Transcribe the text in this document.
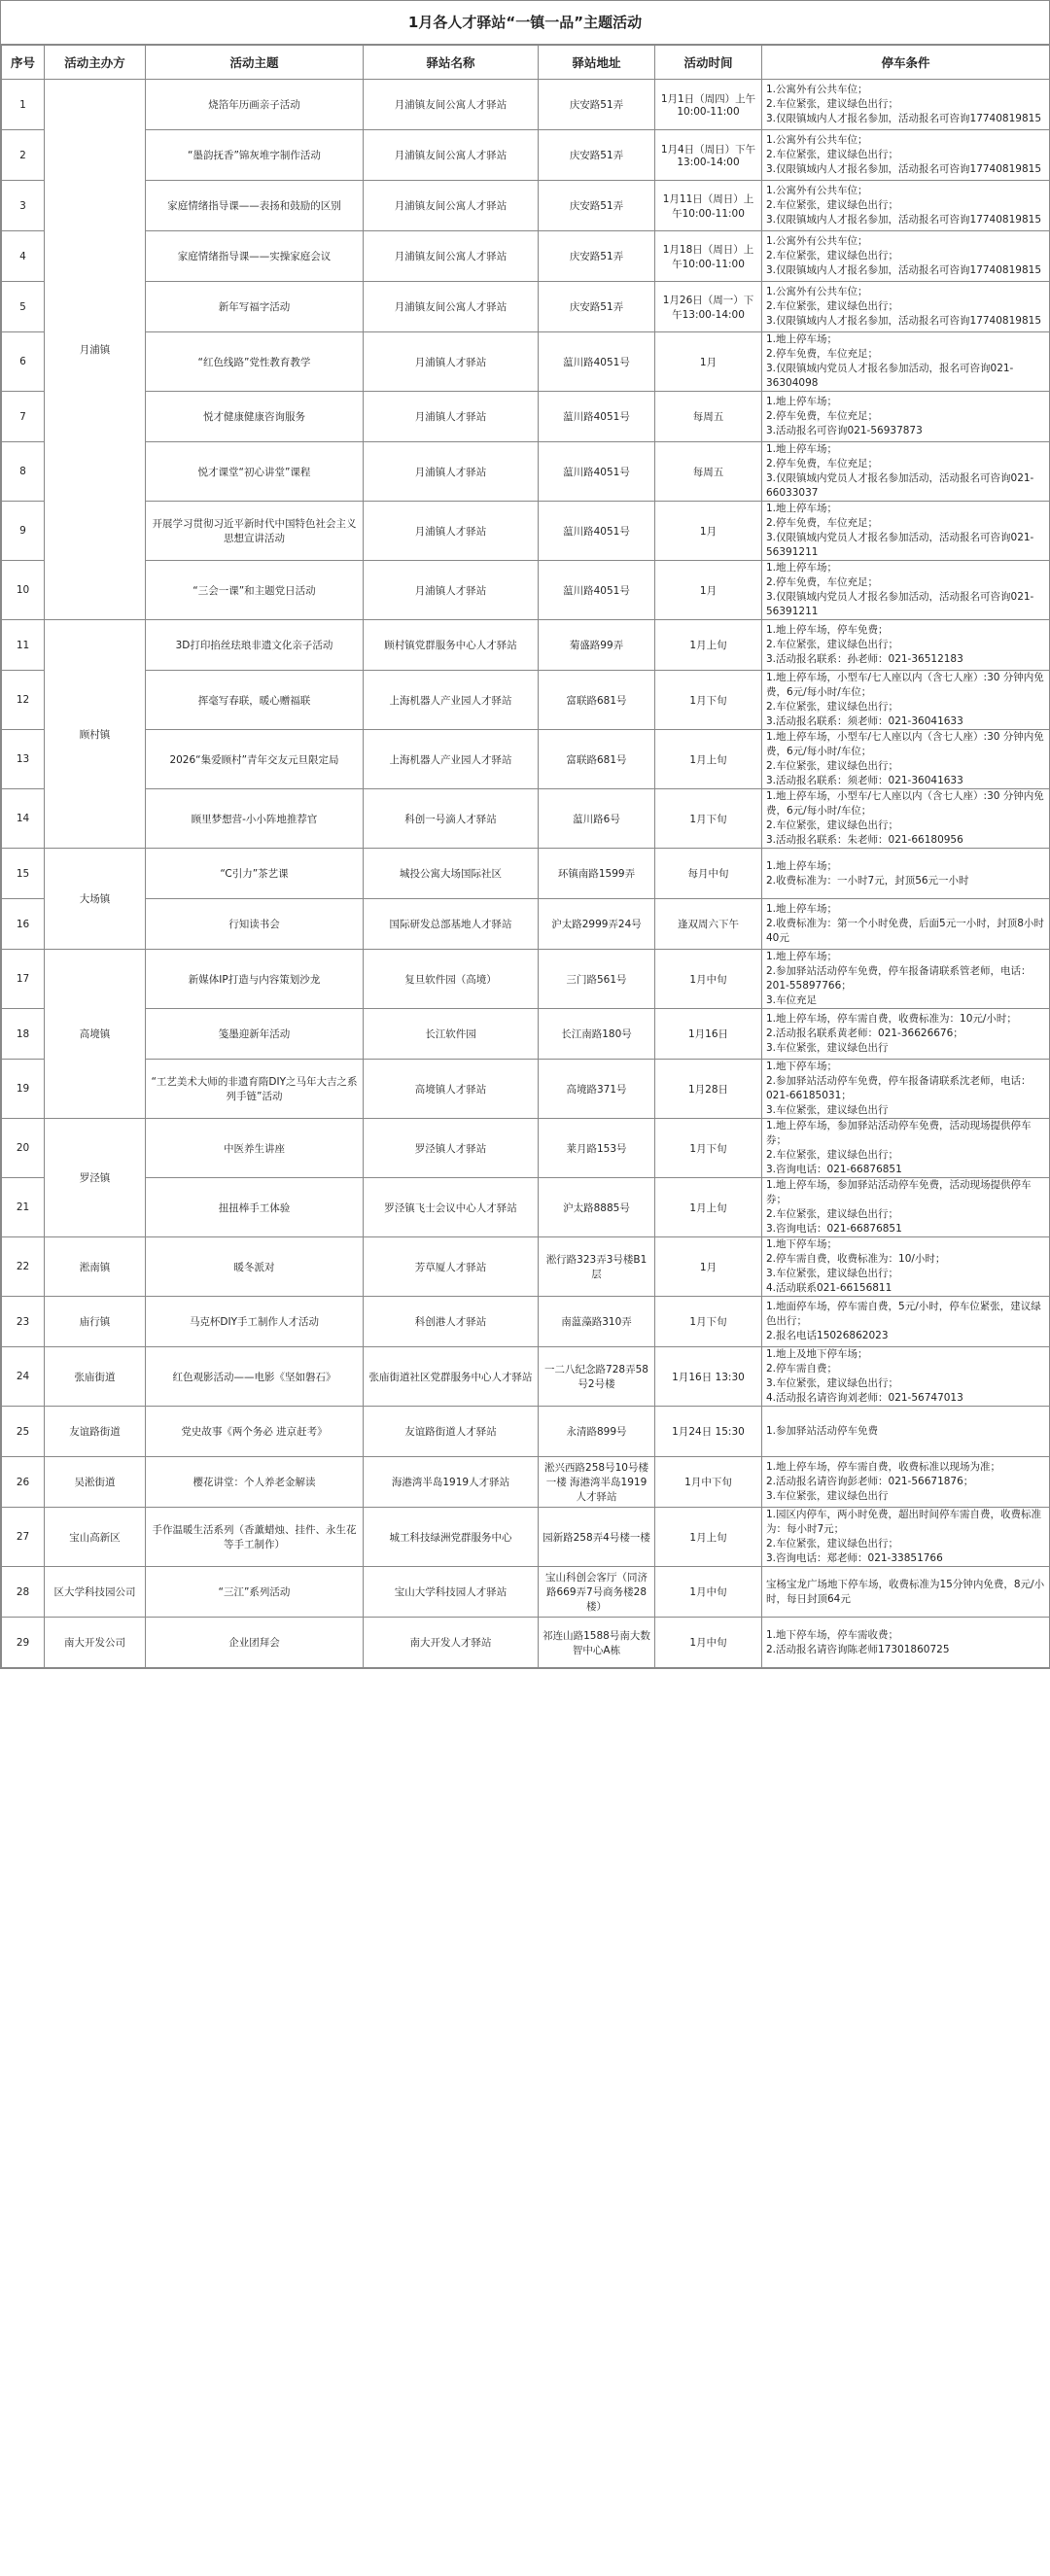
1月各人才驿站“一镇一品”主题活动
序号	活动主办方	活动主题	驿站名称	驿站地址	活动时间	停车条件
1	月浦镇	烧箔年历画亲子活动	月浦镇友间公寓人才驿站	庆安路51弄	1月1日（周四）上午10:00-11:00	1.公寓外有公共车位；
2.车位紧张，建议绿色出行；
3.仅限镇域内人才报名参加，活动报名可咨询17740819815

2		“墨韵抚香”锦灰堆字制作活动	月浦镇友间公寓人才驿站	庆安路51弄	1月4日（周日）下午13:00-14:00	1.公寓外有公共车位；
2.车位紧张，建议绿色出行；
3.仅限镇域内人才报名参加，活动报名可咨询17740819815

3		家庭情绪指导课——表扬和鼓励的区别	月浦镇友间公寓人才驿站	庆安路51弄	1月11日（周日）上午10:00-11:00	1.公寓外有公共车位；
2.车位紧张，建议绿色出行；
3.仅限镇域内人才报名参加，活动报名可咨询17740819815

4		家庭情绪指导课——实操家庭会议	月浦镇友间公寓人才驿站	庆安路51弄	1月18日（周日）上午10:00-11:00	1.公寓外有公共车位；
2.车位紧张，建议绿色出行；
3.仅限镇域内人才报名参加，活动报名可咨询17740819815

5		新年写福字活动	月浦镇友间公寓人才驿站	庆安路51弄	1月26日（周一）下午13:00-14:00	1.公寓外有公共车位；
2.车位紧张，建议绿色出行；
3.仅限镇域内人才报名参加，活动报名可咨询17740819815

6		“红色线路”党性教育教学	月浦镇人才驿站	蕰川路4051号	1月	1.地上停车场；
2.停车免费，车位充足；
3.仅限镇域内党员人才报名参加活动，报名可咨询021-36304098

7		悦才健康健康咨询服务	月浦镇人才驿站	蕰川路4051号	每周五	1.地上停车场；
2.停车免费，车位充足；
3.活动报名可咨询021-56937873

8		悦才课堂“初心讲堂”课程	月浦镇人才驿站	蕰川路4051号	每周五	1.地上停车场；
2.停车免费，车位充足；
3.仅限镇域内党员人才报名参加活动，活动报名可咨询021-66033037

9		开展学习贯彻习近平新时代中国特色社会主义思想宣讲活动	月浦镇人才驿站	蕰川路4051号	1月	1.地上停车场；
2.停车免费，车位充足；
3.仅限镇域内党员人才报名参加活动，活动报名可咨询021-56391211

10		“三会一课”和主题党日活动	月浦镇人才驿站	蕰川路4051号	1月	1.地上停车场；
2.停车免费，车位充足；
3.仅限镇域内党员人才报名参加活动，活动报名可咨询021-56391211

11	顾村镇	3D打印掐丝珐琅非遗文化亲子活动	顾村镇党群服务中心人才驿站	菊盛路99弄	1月上旬	1.地上停车场，停车免费；
2.车位紧张，建议绿色出行；
3.活动报名联系：孙老师：021-36512183

12		挥毫写春联，暖心赠福联	上海机器人产业园人才驿站	富联路681号	1月下旬	1.地上停车场，小型车/七人座以内（含七人座）:30 分钟内免费，6元/每小时/车位；
2.车位紧张，建议绿色出行；
3.活动报名联系：须老师：021-36041633

13		2026“集爱顾村”青年交友元旦限定局	上海机器人产业园人才驿站	富联路681号	1月上旬	1.地上停车场，小型车/七人座以内（含七人座）:30 分钟内免费，6元/每小时/车位；
2.车位紧张，建议绿色出行；
3.活动报名联系：须老师：021-36041633

14		顾里梦想营-小小阵地推荐官	科创一号滴人才驿站	蕰川路6号	1月下旬	1.地上停车场，小型车/七人座以内（含七人座）:30 分钟内免费，6元/每小时/车位；
2.车位紧张，建议绿色出行；
3.活动报名联系：朱老师：021-66180956

15	大场镇	“C引力”茶艺课	城投公寓大场国际社区	环镇南路1599弄	每月中旬	1.地上停车场；
2.收费标准为：一小时7元，封顶56元一小时

16		行知读书会	国际研发总部基地人才驿站	沪太路2999弄24号	逢双周六下午	1.地上停车场；
2.收费标准为：第一个小时免费，后面5元一小时，封顶8小时40元

17	高境镇	新媒体IP打造与内容策划沙龙	复旦软件园（高境）	三门路561号	1月中旬	1.地上停车场；
2.参加驿站活动停车免费，停车报备请联系管老师，电话：201-55897766；
3.车位充足

18		笺墨迎新年活动	长江软件园	长江南路180号	1月16日	1.地上停车场，停车需自费，收费标准为：10元/小时；
2.活动报名联系黄老师：021-36626676；
3.车位紧张，建议绿色出行

19		“工艺美术大师的非遗育隋DIY之马年大吉之系列手链”活动	高境镇人才驿站	高境路371号	1月28日	1.地下停车场；
2.参加驿站活动停车免费，停车报备请联系沈老师，电话：021-66185031；
3.车位紧张，建议绿色出行

20	罗泾镇	中医养生讲座	罗泾镇人才驿站	莱月路153号	1月下旬	1.地上停车场，参加驿站活动停车免费，活动现场提供停车券；
2.车位紧张，建议绿色出行；
3.咨询电话：021-66876851

21		扭扭棒手工体验	罗泾镇飞士会议中心人才驿站	沪太路8885号	1月上旬	1.地上停车场，参加驿站活动停车免费，活动现场提供停车券；
2.车位紧张，建议绿色出行；
3.咨询电话：021-66876851

22	淞南镇	暖冬派对	芳草厦人才驿站	淞行路323弄3号楼B1层	1月	1.地下停车场；
2.停车需自费，收费标准为：10/小时；
3.车位紧张，建议绿色出行；
4.活动联系021-66156811

23	庙行镇	马克杯DIY手工制作人才活动	科创港人才驿站	南蕰藻路310弄	1月下旬	1.地面停车场，停车需自费，5元/小时，停车位紧张，建议绿色出行；
2.报名电话15026862023

24	张庙街道	红色观影活动——电影《坚如磐石》	张庙街道社区党群服务中心人才驿站	一二八纪念路728弄58号2号楼	1月16日 13:30	1.地上及地下停车场；
2.停车需自费；
3.车位紧张，建议绿色出行；
4.活动报名请咨询刘老师：021-56747013

25	友谊路街道	党史故事《两个务必 进京赶考》	友谊路街道人才驿站	永清路899号	1月24日 15:30	1.参加驿站活动停车免费

26	吴淞街道	樱花讲堂：个人养老金解读	海港湾半岛1919人才驿站	淞兴西路258号10号楼一楼 海港湾半岛1919人才驿站	1月中下旬	1.地上停车场，停车需自费，收费标准以现场为准；
2.活动报名请咨询彭老师：021-56671876；
3.车位紧张，建议绿色出行

27	宝山高新区	手作温暖生活系列（香薰蜡烛、挂件、永生花等手工制作）	城工科技绿洲党群服务中心	园新路258弄4号楼一楼	1月上旬	1.园区内停车，两小时免费，超出时间停车需自费，收费标准为：每小时7元；
2.车位紧张，建议绿色出行；
3.咨询电话：郑老师：021-33851766

28	区大学科技园公司	“三江”系列活动	宝山大学科技园人才驿站	宝山科创会客厅（同济路669弄7号商务楼28楼）	1月中旬	宝杨宝龙广场地下停车场，收费标准为15分钟内免费，8元/小时，每日封顶64元

29	南大开发公司	企业团拜会	南大开发人才驿站	祁连山路1588号南大数智中心A栋	1月中旬	1.地下停车场，停车需收费；
2.活动报名请咨询陈老师17301860725
